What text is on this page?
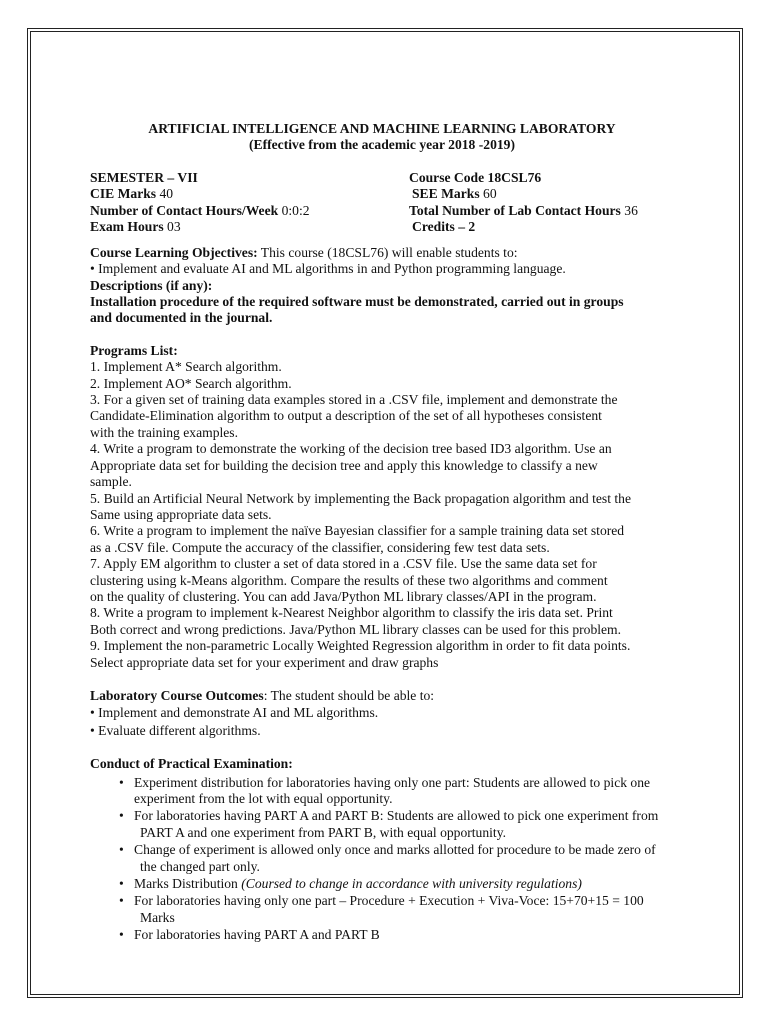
ARTIFICIAL INTELLIGENCE AND MACHINE LEARNING LABORATORY
(Effective from the academic year 2018 -2019)
SEMESTER – VII	Course Code 18CSL76
CIE Marks 40	SEE Marks 60
Number of Contact Hours/Week 0:0:2	Total Number of Lab Contact Hours 36
Exam Hours 03	Credits – 2
Course Learning Objectives: This course (18CSL76) will enable students to:
• Implement and evaluate AI and ML algorithms in and Python programming language.
Descriptions (if any):
Installation procedure of the required software must be demonstrated, carried out in groups
and documented in the journal.
Programs List:
1. Implement A* Search algorithm.
2. Implement AO* Search algorithm.
3. For a given set of training data examples stored in a .CSV file, implement and demonstrate the
Candidate-Elimination algorithm to output a description of the set of all hypotheses consistent
with the training examples.
4. Write a program to demonstrate the working of the decision tree based ID3 algorithm. Use an
Appropriate data set for building the decision tree and apply this knowledge to classify a new
sample.
5. Build an Artificial Neural Network by implementing the Back propagation algorithm and test the
Same using appropriate data sets.
6. Write a program to implement the naïve Bayesian classifier for a sample training data set stored
as a .CSV file. Compute the accuracy of the classifier, considering few test data sets.
7. Apply EM algorithm to cluster a set of data stored in a .CSV file. Use the same data set for
clustering using k-Means algorithm. Compare the results of these two algorithms and comment
on the quality of clustering. You can add Java/Python ML library classes/API in the program.
8. Write a program to implement k-Nearest Neighbor algorithm to classify the iris data set. Print
Both correct and wrong predictions. Java/Python ML library classes can be used for this problem.
9. Implement the non-parametric Locally Weighted Regression algorithm in order to fit data points.
Select appropriate data set for your experiment and draw graphs
Laboratory Course Outcomes: The student should be able to:
• Implement and demonstrate AI and ML algorithms.
• Evaluate different algorithms.
Conduct of Practical Examination:
• Experiment distribution for laboratories having only one part: Students are allowed to pick one
experiment from the lot with equal opportunity.
• For laboratories having PART A and PART B: Students are allowed to pick one experiment from
PART A and one experiment from PART B, with equal opportunity.
• Change of experiment is allowed only once and marks allotted for procedure to be made zero of
the changed part only.
• Marks Distribution (Coursed to change in accordance with university regulations)
• For laboratories having only one part – Procedure + Execution + Viva-Voce: 15+70+15 = 100
Marks
• For laboratories having PART A and PART B
